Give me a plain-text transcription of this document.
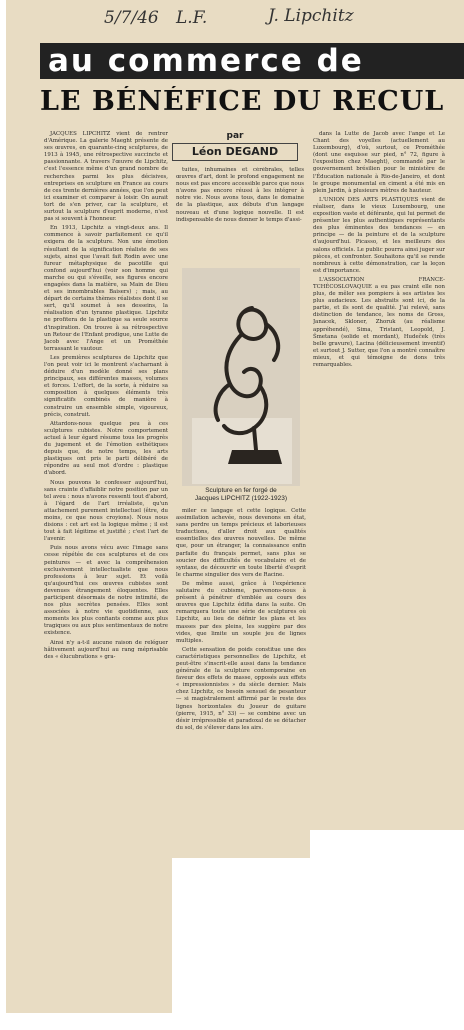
5/7/46 L.F.	J. Lipchitz
au commerce de
LE BÉNÉFICE DU RECUL
par
Léon DEGAND

JACQUES LIPCHITZ vient de rentrer d'Amérique. La galerie Maeght présente de ses œuvres, en quarante-cinq sculptures, de 1913 à 1945, une rétrospective succincte et passionnante. A travers l'œuvre de Lipchitz, c'est l'essence même d'un grand nombre de recherches parmi les plus décisives, entreprises en sculpture en France au cours de ces trente dernières années, que l'on peut ici examiner et comparer à loisir. On aurait tort de s'en priver, car la sculpture, et surtout la sculpture d'esprit moderne, n'est pas si souvent à l'honneur.

En 1913, Lipchitz a vingt-deux ans. Il commence à savoir parfaitement ce qu'il exigera de la sculpture. Non une émotion résultant de la signification réaliste de ses sujets, ainsi que l'avait fait Rodin avec une fureur métaphysique de pacotille qui confond aujourd'hui (voir son homme qui marche ou qui s'éveille, ses figures encore engagées dans la matière, sa Main de Dieu et ses innombrables Baisers) ; mais, au départ de certains thèmes réalistes dont il se sert, qu'il soumet à ses desseins, la réalisation d'un tyranne plastique. Lipchitz ne profitera de la plastique sa seule source d'inspiration. On trouve à sa rétrospective un Retour de l'Enfant prodigue, une Lutte de Jacob avec l'Ange et un Prométhée terrassant le vautour.

Les premières sculptures de Lipchitz que l'on peut voir ici le montrent s'acharnant à déduire d'un modèle donné ses plans principaux, ses différentes masses, volumes et forces. L'effort, de la sorte, à réduire sa composition à quelques éléments très significatifs combinés de manière à construire un ensemble simple, vigoureux, précis, construit.

Attardons-nous quelque peu à ces sculptures cubistes. Notre comportement actuel à leur égard résume tous les progrès du jugement et de l'émotion esthétiques depuis que, de notre temps, les arts plastiques ont pris le parti délibéré de répondre au seul mot d'ordre : plastique d'abord.

Nous pouvons le confesser aujourd'hui, sans crainte d'affaiblir notre position par un tel aveu : nous n'avons ressenti tout d'abord, à l'égard de l'art irréaliste, qu'un attachement purement intellectuel (être, du moins, ce que nous croyions). Nous nous disions : cet art est la logique même ; il est tout à fait légitime et justifié ; c'est l'art de l'avenir.

Puis nous avons vécu avec l'image sans cesse répétée de ces sculptures et de ces peintures — et avec la compréhension exclusivement intellectualiste que nous professions à leur sujet. Et voilà qu'aujourd'hui ces œuvres cubistes sont devenues étrangement éloquentes. Elles participent désormais de notre intimité, de nos plus secrètes pensées. Elles sont associées à notre vie quotidienne, aux moments les plus confiants comme aux plus tragiques ou aux plus sentimentaux de notre existence.

Ainsi n'y a-t-il aucune raison de reléguer hâtivement aujourd'hui au rang méprisable des « élucubrations » gra-

tuites, inhumaines et cérébrales, telles œuvres d'art, dont le profond engagement ne nous est pas encore accessible parce que nous n'avons pas encore réussi à les intégrer à notre vie. Nous avons tous, dans le domaine de la plastique, aux débuts d'un langage nouveau et d'une logique nouvelle. Il est indispensable de nous donner le temps d'assi-

Sculpture en fer forgé de
Jacques LIPCHITZ (1922-1923)

miler ce langage et cette logique. Cette assimilation achevée, nous devenons en état, sans perdre un temps précieux et laborieuses traductions, d'aller droit aux qualités essentielles des œuvres nouvelles. De même que, pour un étranger, la connaissance enfin parfaite du français permet, sans plus se soucier des difficultés de vocabulaire et de syntaxe, de découvrir en toute liberté d'esprit le charme singulier des vers de Racine.

De même aussi, grâce à l'expérience salutaire du cubisme, parvenons-nous à présent à pénétrer d'emblée au cours des œuvres que Lipchitz édifia dans la suite. On remarquera toute une série de sculptures où Lipchitz, au lieu de définir les plans et les masses par des pleins, les suggère par des vides, que limite un souple jeu de lignes multiples.

Cette sensation de poids constitue une des caractéristiques personnelles de Lipchitz, et peut-être s'inscrit-elle aussi dans la tendance générale de la sculpture contemporaine en faveur des effets de masse, opposés aux effets « impressionnistes » du siècle dernier. Mais chez Lipchitz, ce besoin sensuel de pesanteur — si magistralement affirmé par le reste des lignes horizontales du Joueur de guitare (pierre, 1915, n° 33) — se combine avec un désir irrépressible et paradoxal de se détacher du sol, de s'élever dans les airs.

dans la Lutte de Jacob avec l'ange et Le Chant des voyelles (actuellement au Luxembourg), d'où, surtout, ce Prométhée (dont une esquisse sur pied, n° 72, figure à l'exposition chez Maeght), commandé par le gouvernement brésilien pour le ministère de l'Éducation nationale à Rio-de-Janeiro, et dont le groupe monumental en ciment a été mis en plein Jardin, à plusieurs mètres de hauteur.

L'UNION DES ARTS PLASTIQUES vient de réaliser, dans le vieux Luxembourg, une exposition vaste et déférante, qui lui permet de présenter les plus authentiques représentants des plus éminentes des tendances — en principe — de la peinture et de la sculpture d'aujourd'hui. Picasso, et les meilleurs des salons officiels. Le public pourra ainsi juger sur pièces, et confronter. Souhaitons qu'il se rende nombreux à cette démonstration, car la leçon est d'importance.

L'ASSOCIATION FRANCE-TCHÉCOSLOVAQUIE a eu pas craint elle non plus, de mêler ses pompiers à ses artistes les plus audacieux. Les abstraits sont ici, de la partie, et ils sont de qualité. J'ai relevé, sans distinction de tendance, les noms de Gross, Janacek, Skloner, Zhoruk (au réalisme appréhendé), Sima, Tristant, Leopold, J. Šmetana (solide et mordant), Hudeček (très belle gravure), Lacina (délicieusement inventif) et surtout J. Sutter, que l'on a montré connaître mieux, et qui témoigne de dons très remarquables.
